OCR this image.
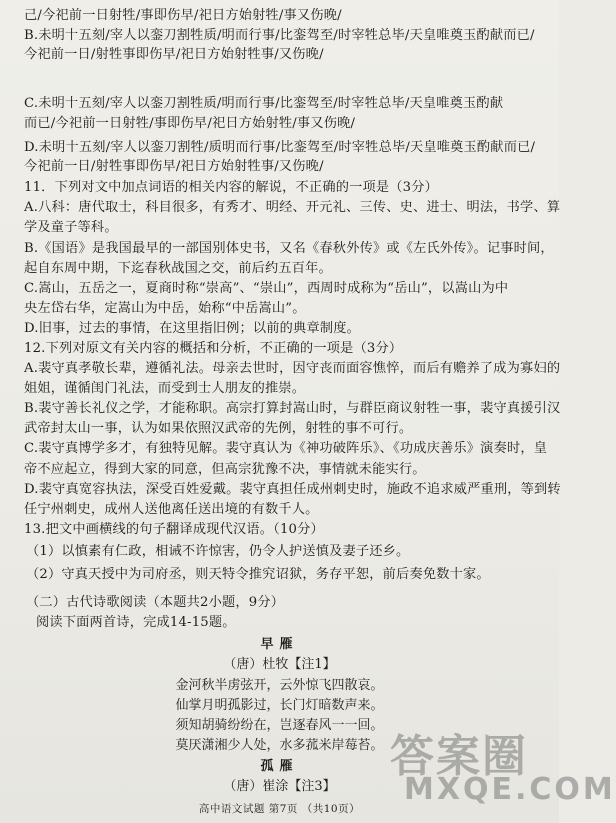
己/今祀前一日射牲/事即伤早/祀日方始射牲/事又伤晚/
B.未明十五刻/宰人以銮刀割牲质/明而行事/比銮驾至/时宰牲总毕/天皇唯奠玉酌献而已/
今祀前一日/射牲事即伤早/祀日方始射牲事/又伤晚/
C.未明十五刻/宰人以銮刀割牲质/明而行事/比銮驾至/时宰牲总毕/天皇唯奠玉酌献
而已/今祀前一日射牲/事即伤早/祀日方始射牲/事又伤晚/
D.未明十五刻/宰人以銮刀割牲/质明而行事/比銮驾至/时宰牲总毕/天皇唯奠玉酌献而已/
今祀前一日/射牲事即伤早/祀日方始射牲事/又伤晚/
11．下列对文中加点词语的相关内容的解说，不正确的一项是（3分）
A.八科：唐代取士，科目很多，有秀才、明经、开元礼、三传、史、进士、明法，书学、算
学及童子等科。
B.《国语》是我国最早的一部国别体史书，又名《春秋外传》或《左氏外传》。记事时间，
起自东周中期，下迄春秋战国之交，前后约五百年。
C.嵩山，五岳之一，夏商时称“崇高”、“崇山”，西周时成称为“岳山”，以嵩山为中
央左岱右华，定嵩山为中岳，始称“中岳嵩山”。
D.旧事，过去的事情，在这里指旧例；以前的典章制度。
12.下列对原文有关内容的概括和分析，不正确的一项是（3分）
A.裴守真孝敬长辈，遵循礼法。母亲去世时，因守丧而面容憔悴，而后有赡养了成为寡妇的
姐姐，谨循闺门礼法，而受到士人朋友的推崇。
B.裴守善长礼仪之学，才能称职。高宗打算封嵩山时，与群臣商议射牲一事，裴守真援引汉
武帝封太山一事，认为如果依照汉武帝的先例，射牲的事不可行。
C.裴守真博学多才，有独特见解。裴守真认为《神功破阵乐》、《功成庆善乐》演奏时，皇
帝不应起立，得到大家的同意，但高宗犹豫不决，事情就未能实行。
D.裴守真宽容执法，深受百姓爱戴。裴守真担任成州刺史时，施政不追求威严重刑，等到转
任宁州刺史，成州人送他离任送出境的有数千人。
13.把文中画横线的句子翻译成现代汉语。（10分）
（1）以慎素有仁政，相诫不许惊害，仍令人护送慎及妻子还乡。
（2）守真天授中为司府丞，则天特令推究诏狱，务存平恕，前后奏免数十家。
（二）古代诗歌阅读（本题共2小题，9分）
阅读下面两首诗，完成14-15题。
早雁
（唐）杜牧【注1】
金河秋半虏弦开，云外惊飞四散哀。
仙掌月明孤影过，长门灯暗数声来。
须知胡骑纷纷在，岂逐春风一一回。
莫厌潇湘少人处，水多菰米岸莓苔。
孤雁
（唐）崔涂【注3】
高中语文试题 第7页 （共10页）
答案圈
MXQE.COM
